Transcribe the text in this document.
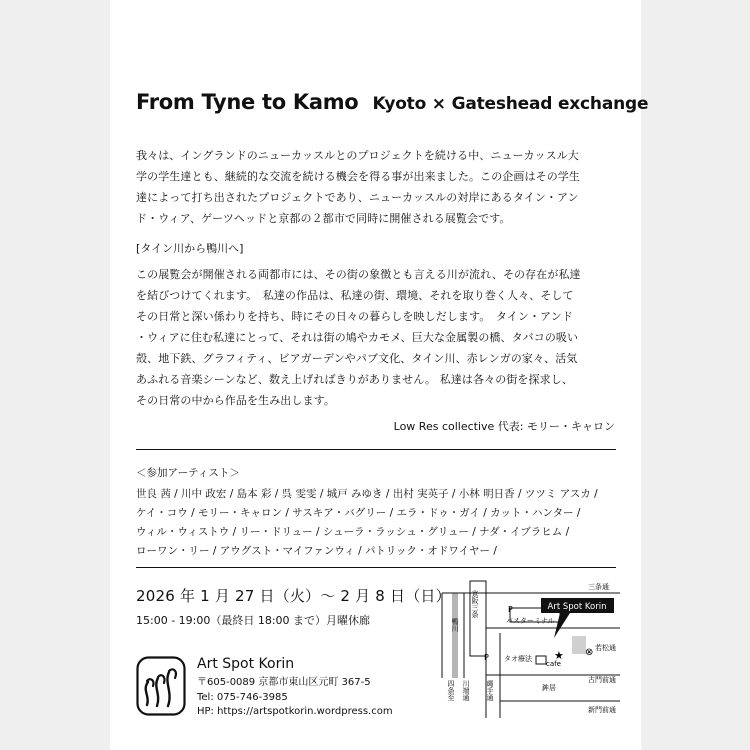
From Tyne to Kamo Kyoto × Gateshead exchange

我々は、イングランドのニューカッスルとのプロジェクトを続ける中、ニューカッスル大

学の学生達とも、継続的な交流を続ける機会を得る事が出来ました。この企画はその学生

達によって打ち出されたプロジェクトであり、ニューカッスルの対岸にあるタイン・アン

ド・ウィア、ゲーツヘッドと京都の２都市で同時に開催される展覧会です。

[タイン川から鴨川へ]

この展覧会が開催される両都市には、その街の象徴とも言える川が流れ、その存在が私達

を結びつけてくれます。　私達の作品は、私達の街、環境、それを取り巻く人々、そして

その日常と深い係わりを持ち、時にその日々の暮らしを映しだします。　タイン・アンド

・ウィアに住む私達にとって、それは街の鳩やカモメ、巨大な金属製の橋、タバコの吸い

殻、地下鉄、グラフィティ、ビアガーデンやパブ文化、タイン川、赤レンガの家々、活気

あふれる音楽シーンなど、数え上げればきりがありません。 私達は各々の街を探求し、

その日常の中から作品を生み出します。

Low Res collective 代表: モリー・キャロン
＜参加アーティスト＞
世良 茜 / 川中 政宏 / 島本 彩 / 呉 雯雯 / 城戸 みゆき / 出村 実英子 / 小林 明日香 / ツツミ アスカ /
ケイ・コウ / モリー・キャロン / サスキア・バグリー / エラ・ドゥ・ガイ / カット・ハンター /
ウィル・ウィストウ / リー・ドリュー / シューラ・ラッシュ・グリュー / ナダ・イブラヒム /
ローワン・リー / アウグスト・マイファンウィ / パトリック・オドワイヤー /
2026 年 1 月 27 日（火）～ 2 月 8 日（日）
15:00 - 19:00（最終日 18:00 まで）月曜休廊
Art Spot Korin
〒605-0089 京都市東山区元町 367-5
Tel: 075-746-3985
HP: https://artspotkorin.wordpress.com
Art Spot Korin
三条通
若松通
古門前通
新門前通
バスターミナル
タオ療法
cafe
鉾居
★ ⊗
P
P
京阪三条
鴨川
四条至 川端通 縄手通
